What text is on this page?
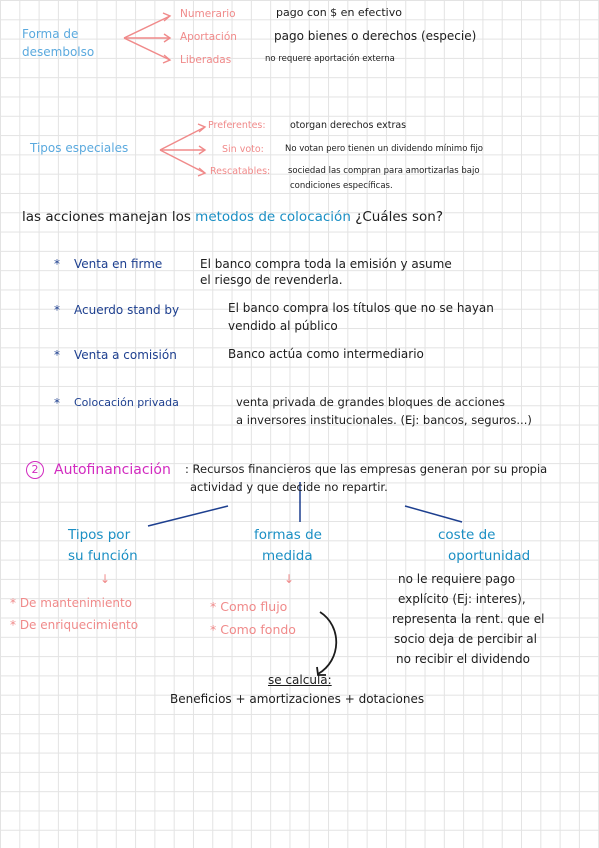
Forma de
desembolso
Numerario	pago con $ en efectivo
Aportación	pago bienes o derechos (especie)
Liberadas	no requere aportación externa
Tipos especiales
Preferentes:	otorgan derechos extras
Sin voto: No votan pero tienen un dividendo mínimo fijo
Rescatables: sociedad las compran para amortizarlas bajo
condiciones específicas.
las acciones manejan los metodos de colocación ¿Cuáles son?
* Venta en firme	El banco compra toda la emisión y asume
el riesgo de revenderla.
* Acuerdo stand by	El banco compra los títulos que no se hayan
vendido al público
* Venta a comisión	Banco actúa como intermediario
* Colocación privada	venta privada de grandes bloques de acciones
a inversores institucionales. (Ej: bancos, seguros...)
2	Autofinanciación : Recursos financieros que las empresas generan por su propia
actividad y que decide no repartir.
Tipos por
su función
↓
* De mantenimiento
* De enriquecimiento
formas de
medida
↓
* Como flujo
* Como fondo
coste de
oportunidad
no le requiere pago
explícito (Ej: interes),
representa la rent. que el
socio deja de percibir al
no recibir el dividendo
se calcula:
Beneficios + amortizaciones + dotaciones
